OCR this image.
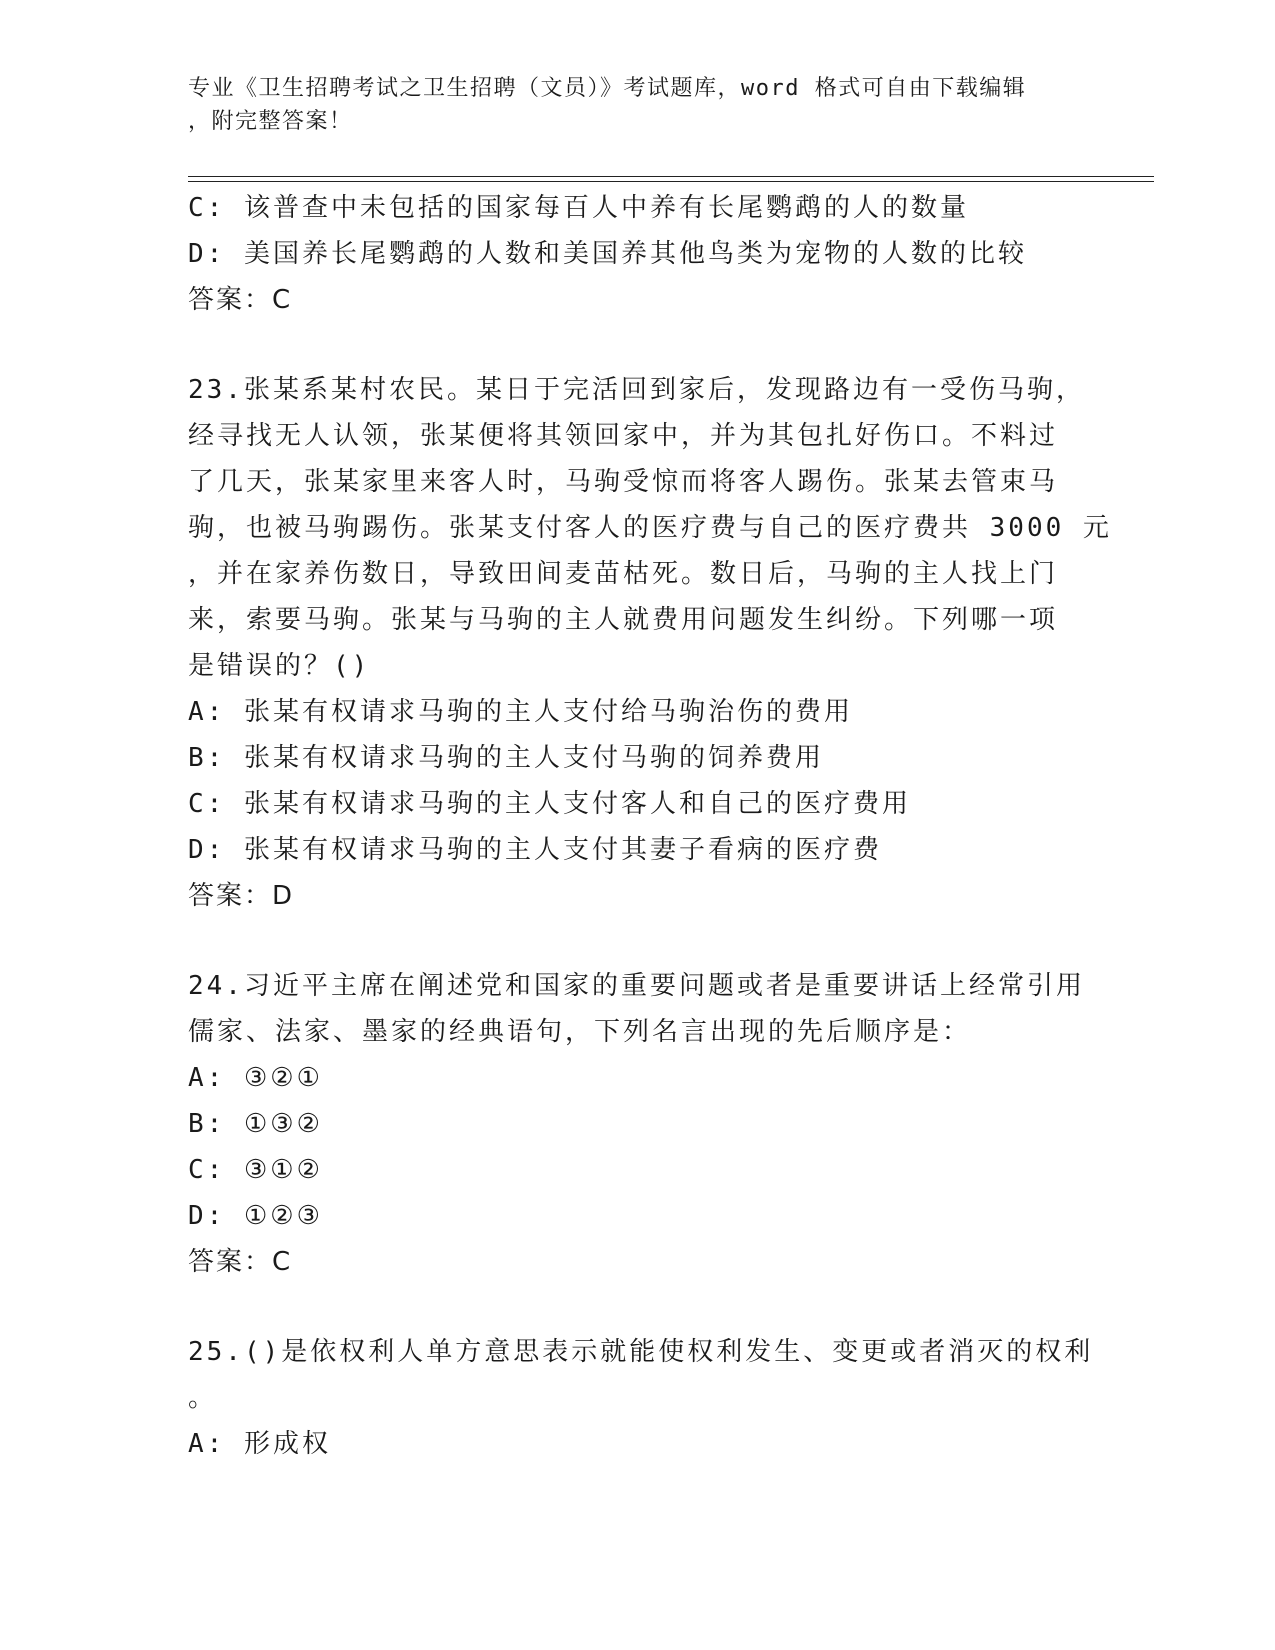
专业《卫生招聘考试之卫生招聘（文员）》考试题库，word 格式可自由下载编辑
，附完整答案！
C: 该普查中未包括的国家每百人中养有长尾鹦鹉的人的数量
D: 美国养长尾鹦鹉的人数和美国养其他鸟类为宠物的人数的比较
答案：C
23.张某系某村农民。某日于完活回到家后，发现路边有一受伤马驹，
经寻找无人认领，张某便将其领回家中，并为其包扎好伤口。不料过
了几天，张某家里来客人时，马驹受惊而将客人踢伤。张某去管束马
驹，也被马驹踢伤。张某支付客人的医疗费与自己的医疗费共 3000 元
，并在家养伤数日，导致田间麦苗枯死。数日后，马驹的主人找上门
来，索要马驹。张某与马驹的主人就费用问题发生纠纷。下列哪一项
是错误的？()
A: 张某有权请求马驹的主人支付给马驹治伤的费用
B: 张某有权请求马驹的主人支付马驹的饲养费用
C: 张某有权请求马驹的主人支付客人和自己的医疗费用
D: 张某有权请求马驹的主人支付其妻子看病的医疗费
答案：D
24.习近平主席在阐述党和国家的重要问题或者是重要讲话上经常引用
儒家、法家、墨家的经典语句，下列名言出现的先后顺序是：
A: ③②①
B: ①③②
C: ③①②
D: ①②③
答案：C
25.()是依权利人单方意思表示就能使权利发生、变更或者消灭的权利
。
A: 形成权
